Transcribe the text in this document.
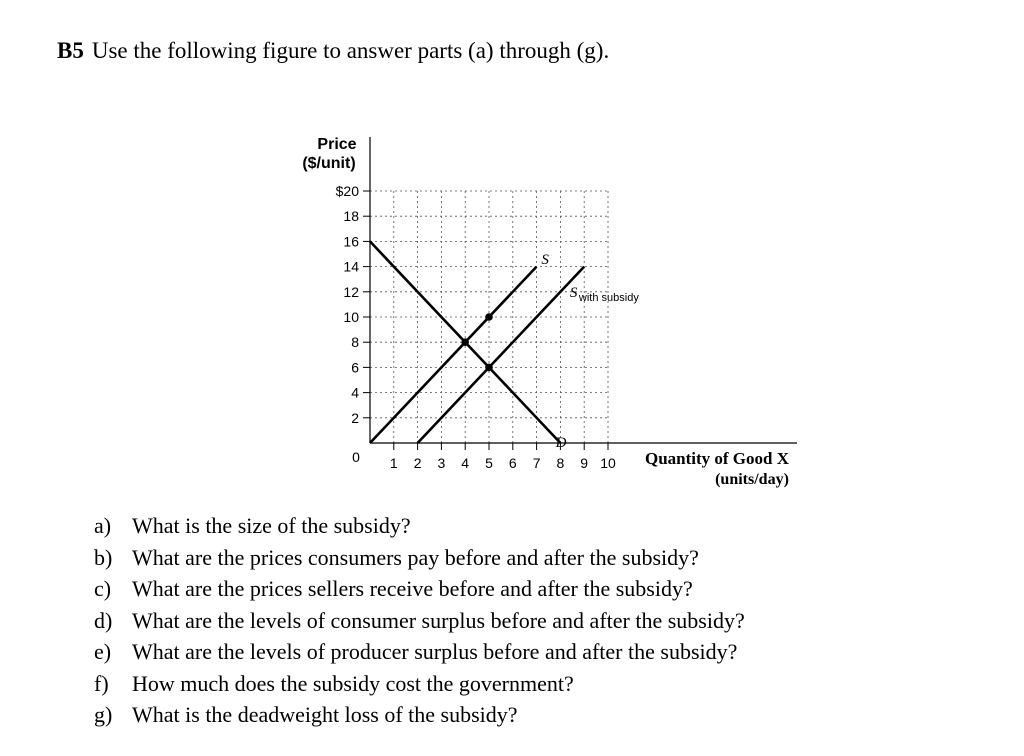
B5 Use the following figure to answer parts (a) through (g).
Price
($/unit)
Quantity of Good X
(units/day)
0 1 2 3 4 5 6 7 8 9 10
2
4
6
8
10
12
14
16
18
$20
D
S
S with subsidy
a) What is the size of the subsidy?
b) What are the prices consumers pay before and after the subsidy?
c) What are the prices sellers receive before and after the subsidy?
d) What are the levels of consumer surplus before and after the subsidy?
e) What are the levels of producer surplus before and after the subsidy?
f) How much does the subsidy cost the government?
g) What is the deadweight loss of the subsidy?
